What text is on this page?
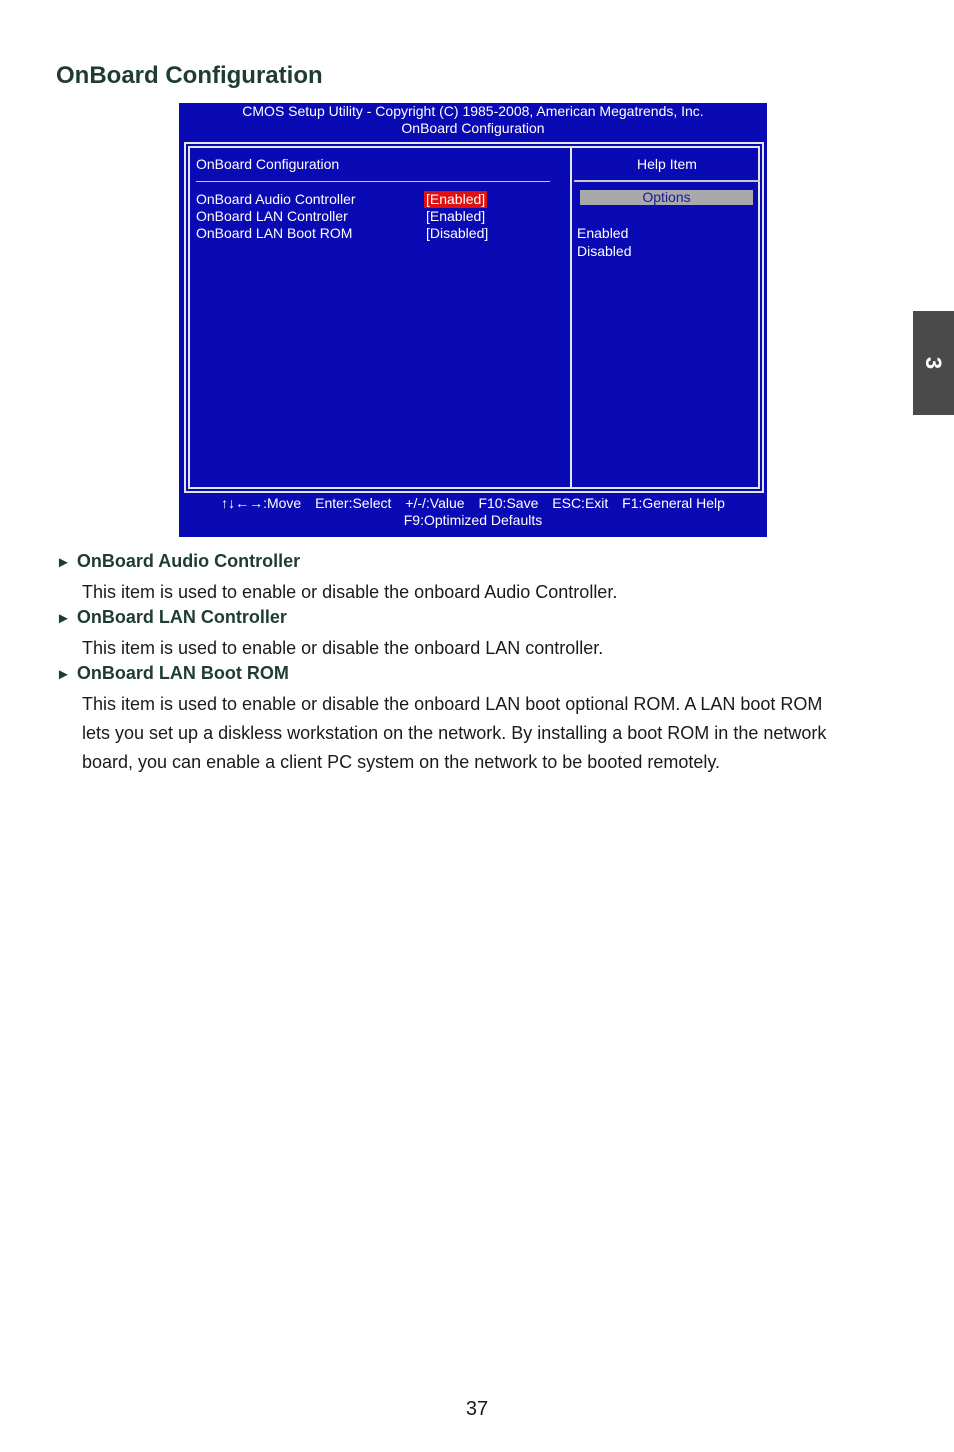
OnBoard Configuration
3
CMOS Setup Utility - Copyright (C) 1985-2008, American Megatrends, Inc.
OnBoard Configuration
OnBoard Configuration
OnBoard Audio Controller	[Enabled]
OnBoard LAN Controller	[Enabled]
OnBoard LAN Boot ROM	[Disabled]
Help Item
Options
Enabled
Disabled
↑↓←→:Move Enter:Select +/-/:Value F10:Save ESC:Exit F1:General Help
F9:Optimized Defaults
► OnBoard Audio Controller
This item is used to enable or disable the onboard Audio Controller.
► OnBoard LAN Controller
This item is used to enable or disable the onboard LAN controller.
► OnBoard LAN Boot ROM
This item is used to enable or disable the onboard LAN boot optional ROM. A LAN boot ROM
lets you set up a diskless workstation on the network. By installing a boot ROM in the network
board, you can enable a client PC system on the network to be booted remotely.
37
